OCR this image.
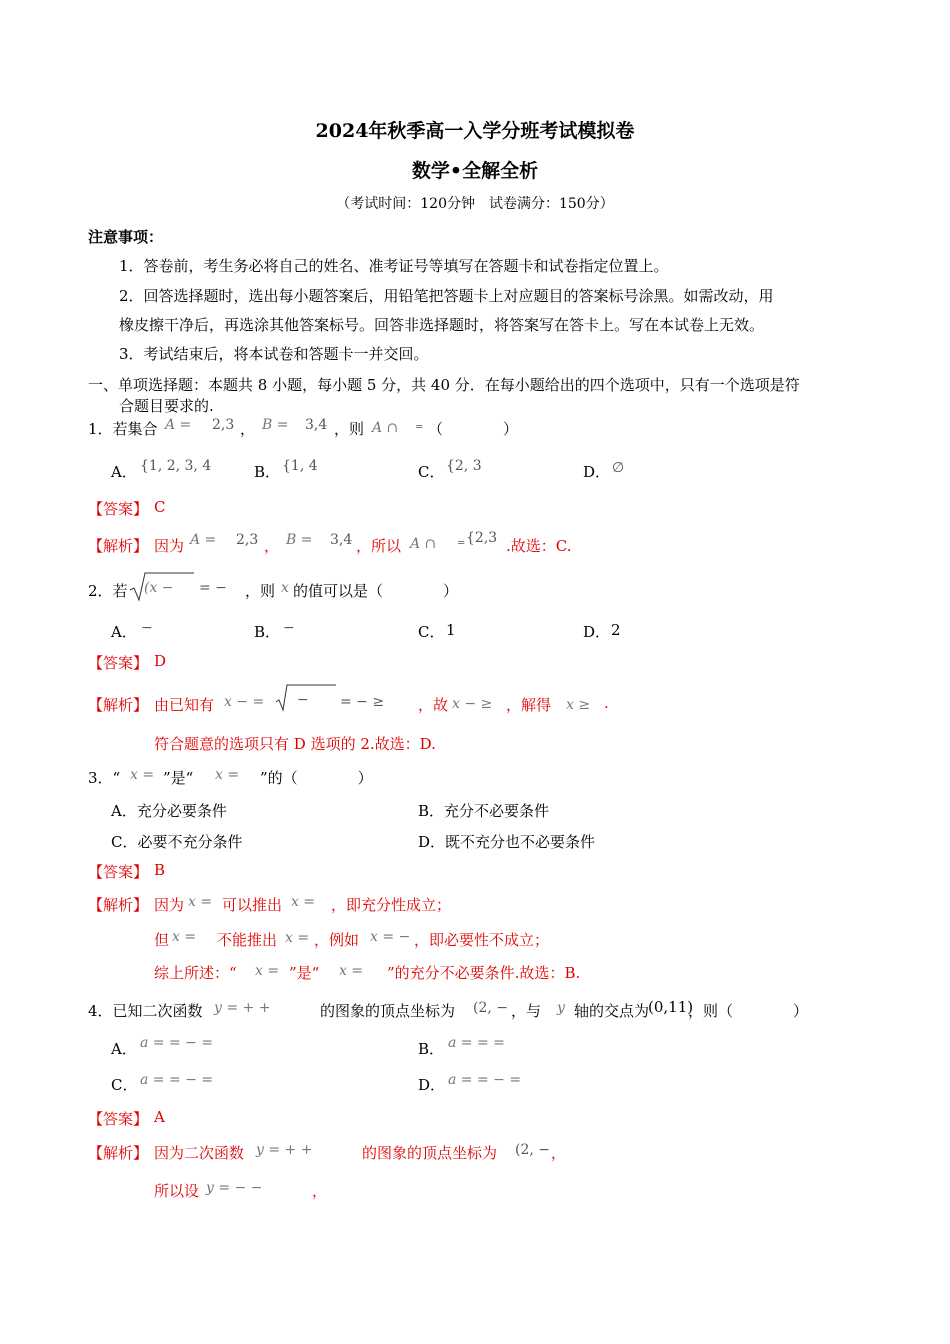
2024年秋季高一入学分班考试模拟卷
数学•全解全析
（考试时间：120分钟　试卷满分：150分）
注意事项：
1．答卷前，考生务必将自己的姓名、准考证号等填写在答题卡和试卷指定位置上。
2．回答选择题时，选出每小题答案后，用铅笔把答题卡上对应题目的答案标号涂黑。如需改动，用
橡皮擦干净后，再选涂其他答案标号。回答非选择题时，将答案写在答卡上。写在本试卷上无效。
3．考试结束后，将本试卷和答题卡一并交回。
一、单项选择题：本题共 8 小题，每小题 5 分，共 40 分．在每小题给出的四个选项中，只有一个选项是符
合题目要求的.
1．若集合 A = 2,3 ， B = 3,4 ，则 A ∩ = （　　　　）
A． {1, 2, 3, 4	B． {1, 4	C． {2, 3	D． ∅
【答案】 C
【解析】 因为 A = 2,3 ， B = 3,4 ，所以 A ∩ = {2,3 .故选：C.
2．若 (x − = − ，则 x 的值可以是（　　　　）
A． −	B． −	C． 1	D． 2
【答案】 D
【解析】 由已知有 x − = − = − ≥ ，故 x − ≥ ，解得 x ≥ .
符合题意的选项只有 D 选项的 2.故选：D.
3．“ x = ”是“ x = ”的（　　　　）
A．充分必要条件	B．充分不必要条件
C．必要不充分条件	D．既不充分也不必要条件
【答案】 B
【解析】 因为 x = 可以推出 x = ，即充分性成立；
但 x = 不能推出 x = ，例如 x = − ，即必要性不成立；
综上所述：“ x = ”是“ x = ”的充分不必要条件.故选：B.
4．已知二次函数 y = + +	的图象的顶点坐标为 (2, − ，与 y 轴的交点为
(0,11)
，则（　　　　）
A． a = = − =	B． a = = =
C． a = = − =	D． a = = − =
【答案】 A
【解析】 因为二次函数 y = + +	的图象的顶点坐标为 (2, − ，
所以设 y = − −	，
